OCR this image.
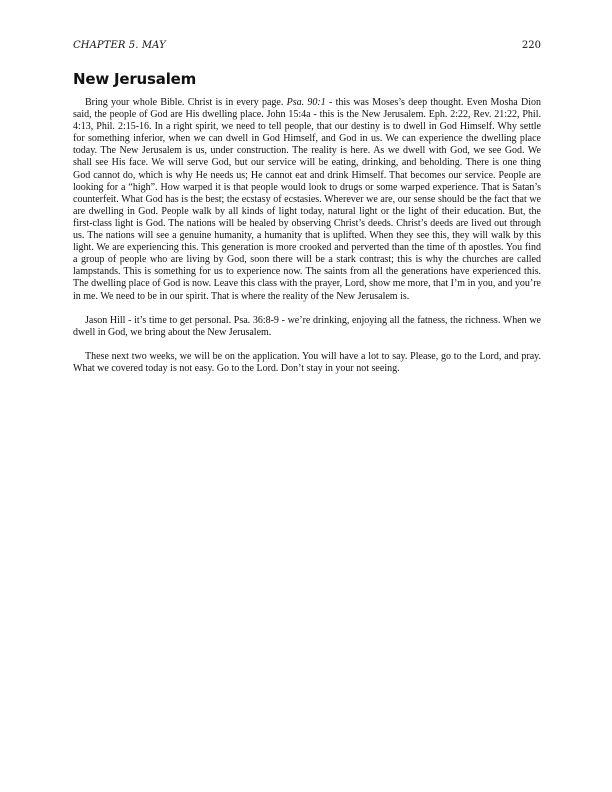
CHAPTER 5. MAY	220
New Jerusalem

Bring your whole Bible. Christ is in every page. Psa. 90:1 - this was Moses’s deep thought. Even Mosha Dion said, the people of God are His dwelling place. John 15:4a - this is the New Jerusalem. Eph. 2:22, Rev. 21:22, Phil. 4:13, Phil. 2:15-16. In a right spirit, we need to tell people, that our destiny is to dwell in God Himself. Why settle for something inferior, when we can dwell in God Himself, and God in us. We can experience the dwelling place today. The New Jerusalem is us, under construction. The reality is here. As we dwell with God, we see God. We shall see His face. We will serve God, but our service will be eating, drinking, and beholding. There is one thing God cannot do, which is why He needs us; He cannot eat and drink Himself. That becomes our service. People are looking for a “high”. How warped it is that people would look to drugs or some warped experience. That is Satan’s counterfeit. What God has is the best; the ecstasy of ecstasies. Wherever we are, our sense should be the fact that we are dwelling in God. People walk by all kinds of light today, natural light or the light of their education. But, the first-class light is God. The nations will be healed by observing Christ’s deeds. Christ’s deeds are lived out through us. The nations will see a genuine humanity, a humanity that is uplifted. When they see this, they will walk by this light. We are experiencing this. This generation is more crooked and perverted than the time of th apostles. You find a group of people who are living by God, soon there will be a stark contrast; this is why the churches are called lampstands. This is something for us to experience now. The saints from all the generations have experienced this. The dwelling place of God is now. Leave this class with the prayer, Lord, show me more, that I’m in you, and you’re in me. We need to be in our spirit. That is where the reality of the New Jerusalem is.

Jason Hill - it’s time to get personal. Psa. 36:8-9 - we’re drinking, enjoying all the fatness, the richness. When we dwell in God, we bring about the New Jerusalem.

These next two weeks, we will be on the application. You will have a lot to say. Please, go to the Lord, and pray. What we covered today is not easy. Go to the Lord. Don’t stay in your not seeing.
